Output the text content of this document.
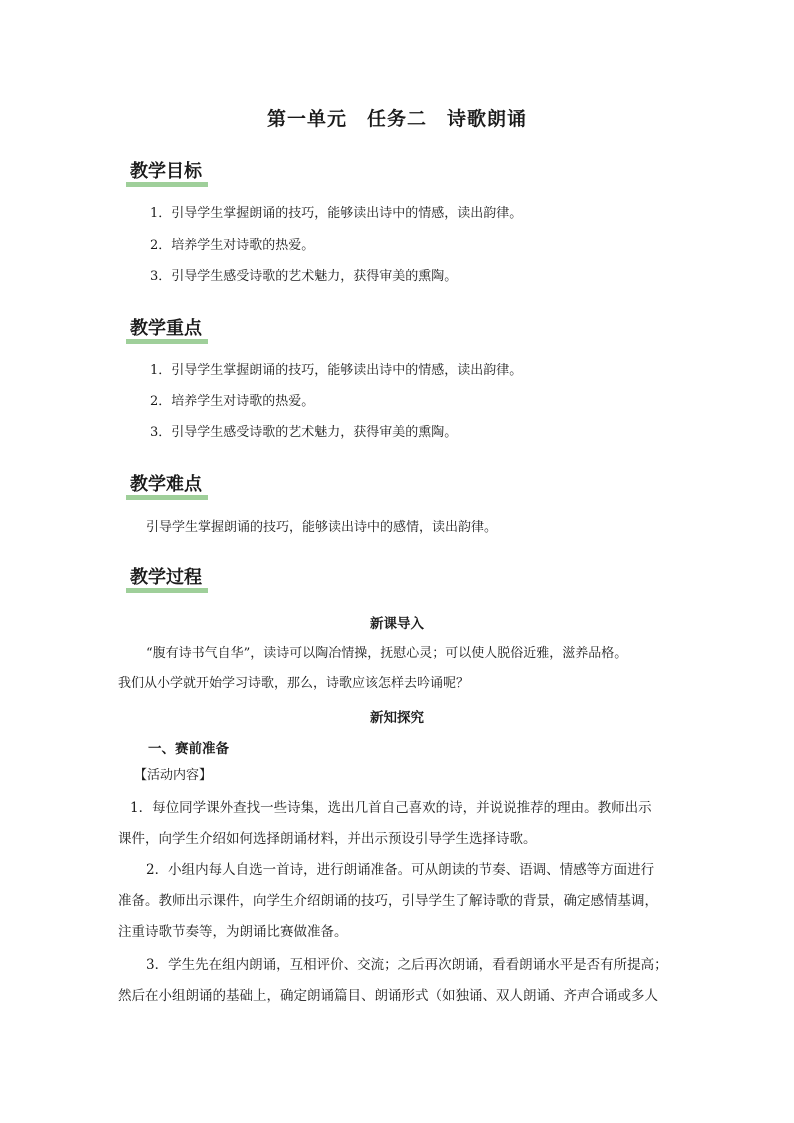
第一单元　任务二　诗歌朗诵
教学目标
1．引导学生掌握朗诵的技巧，能够读出诗中的情感，读出韵律。
2．培养学生对诗歌的热爱。
3．引导学生感受诗歌的艺术魅力，获得审美的熏陶。
教学重点
1．引导学生掌握朗诵的技巧，能够读出诗中的情感，读出韵律。
2．培养学生对诗歌的热爱。
3．引导学生感受诗歌的艺术魅力，获得审美的熏陶。
教学难点
引导学生掌握朗诵的技巧，能够读出诗中的感情，读出韵律。
教学过程
新课导入
“腹有诗书气自华”，读诗可以陶冶情操，抚慰心灵；可以使人脱俗近雅，滋养品格。
我们从小学就开始学习诗歌，那么，诗歌应该怎样去吟诵呢？
新知探究
一、赛前准备
【活动内容】
1．每位同学课外查找一些诗集，选出几首自己喜欢的诗，并说说推荐的理由。教师出示
课件，向学生介绍如何选择朗诵材料，并出示预设引导学生选择诗歌。
2．小组内每人自选一首诗，进行朗诵准备。可从朗读的节奏、语调、情感等方面进行
准备。教师出示课件，向学生介绍朗诵的技巧，引导学生了解诗歌的背景，确定感情基调，
注重诗歌节奏等，为朗诵比赛做准备。
3．学生先在组内朗诵，互相评价、交流；之后再次朗诵，看看朗诵水平是否有所提高；
然后在小组朗诵的基础上，确定朗诵篇目、朗诵形式（如独诵、双人朗诵、齐声合诵或多人
